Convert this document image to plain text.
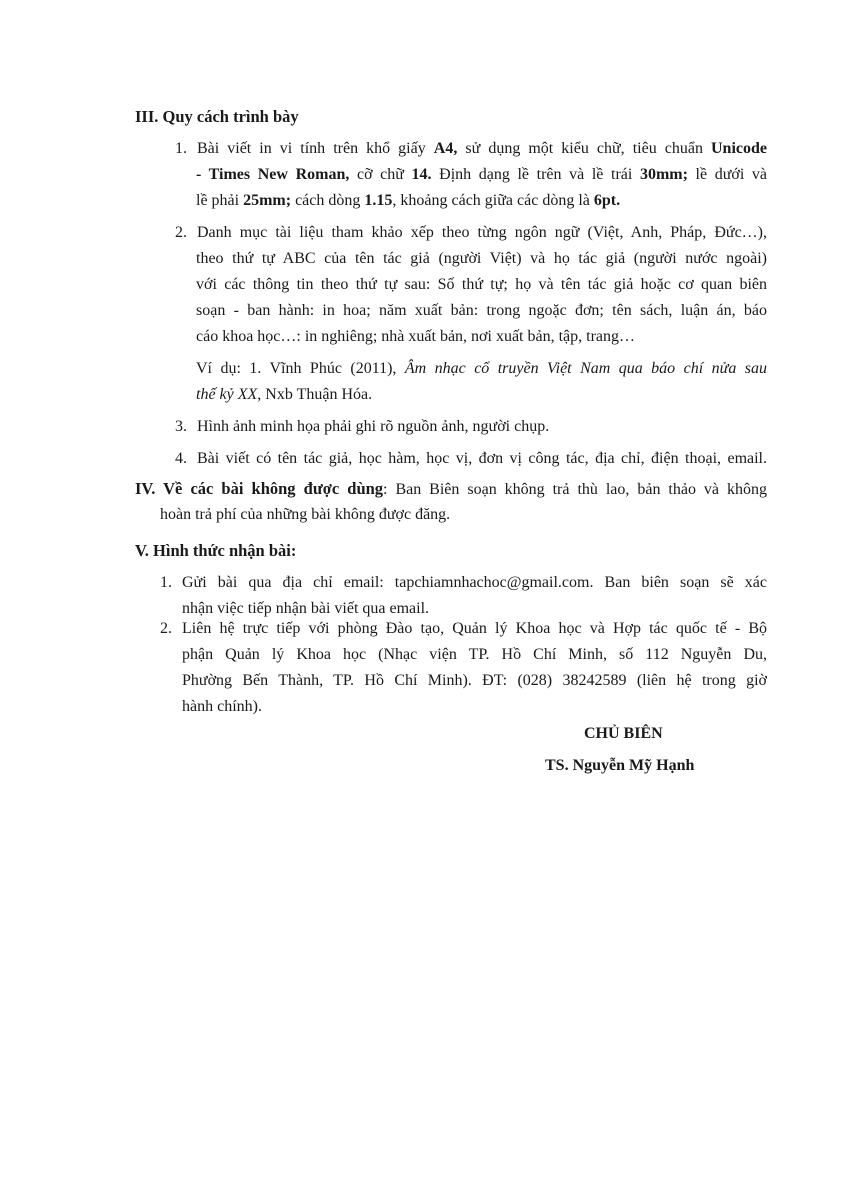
III. Quy cách trình bày
1. Bài viết in vi tính trên khổ giấy A4, sử dụng một kiểu chữ, tiêu chuẩn Unicode
- Times New Roman, cỡ chữ 14. Định dạng lề trên và lề trái 30mm; lề dưới và
lề phải 25mm; cách dòng 1.15, khoảng cách giữa các dòng là 6pt.
2. Danh mục tài liệu tham khảo xếp theo từng ngôn ngữ (Việt, Anh, Pháp, Đức…),
theo thứ tự ABC của tên tác giả (người Việt) và họ tác giả (người nước ngoài)
với các thông tin theo thứ tự sau: Số thứ tự; họ và tên tác giả hoặc cơ quan biên
soạn - ban hành: in hoa; năm xuất bản: trong ngoặc đơn; tên sách, luận án, báo
cáo khoa học…: in nghiêng; nhà xuất bản, nơi xuất bản, tập, trang…
Ví dụ: 1. Vĩnh Phúc (2011), Âm nhạc cổ truyền Việt Nam qua báo chí nửa sau
thế kỷ XX, Nxb Thuận Hóa.
3. Hình ảnh minh họa phải ghi rõ nguồn ảnh, người chụp.
4. Bài viết có tên tác giả, học hàm, học vị, đơn vị công tác, địa chỉ, điện thoại, email.
IV. Về các bài không được dùng: Ban Biên soạn không trả thù lao, bản thảo và không
hoàn trả phí của những bài không được đăng.
V. Hình thức nhận bài:
1. Gửi bài qua địa chỉ email: tapchiamnhachoc@gmail.com. Ban biên soạn sẽ xác
nhận việc tiếp nhận bài viết qua email.
2. Liên hệ trực tiếp với phòng Đào tạo, Quản lý Khoa học và Hợp tác quốc tế - Bộ
phận Quản lý Khoa học (Nhạc viện TP. Hồ Chí Minh, số 112 Nguyễn Du,
Phường Bến Thành, TP. Hồ Chí Minh). ĐT: (028) 38242589 (liên hệ trong giờ
hành chính).
CHỦ BIÊN
TS. Nguyễn Mỹ Hạnh
